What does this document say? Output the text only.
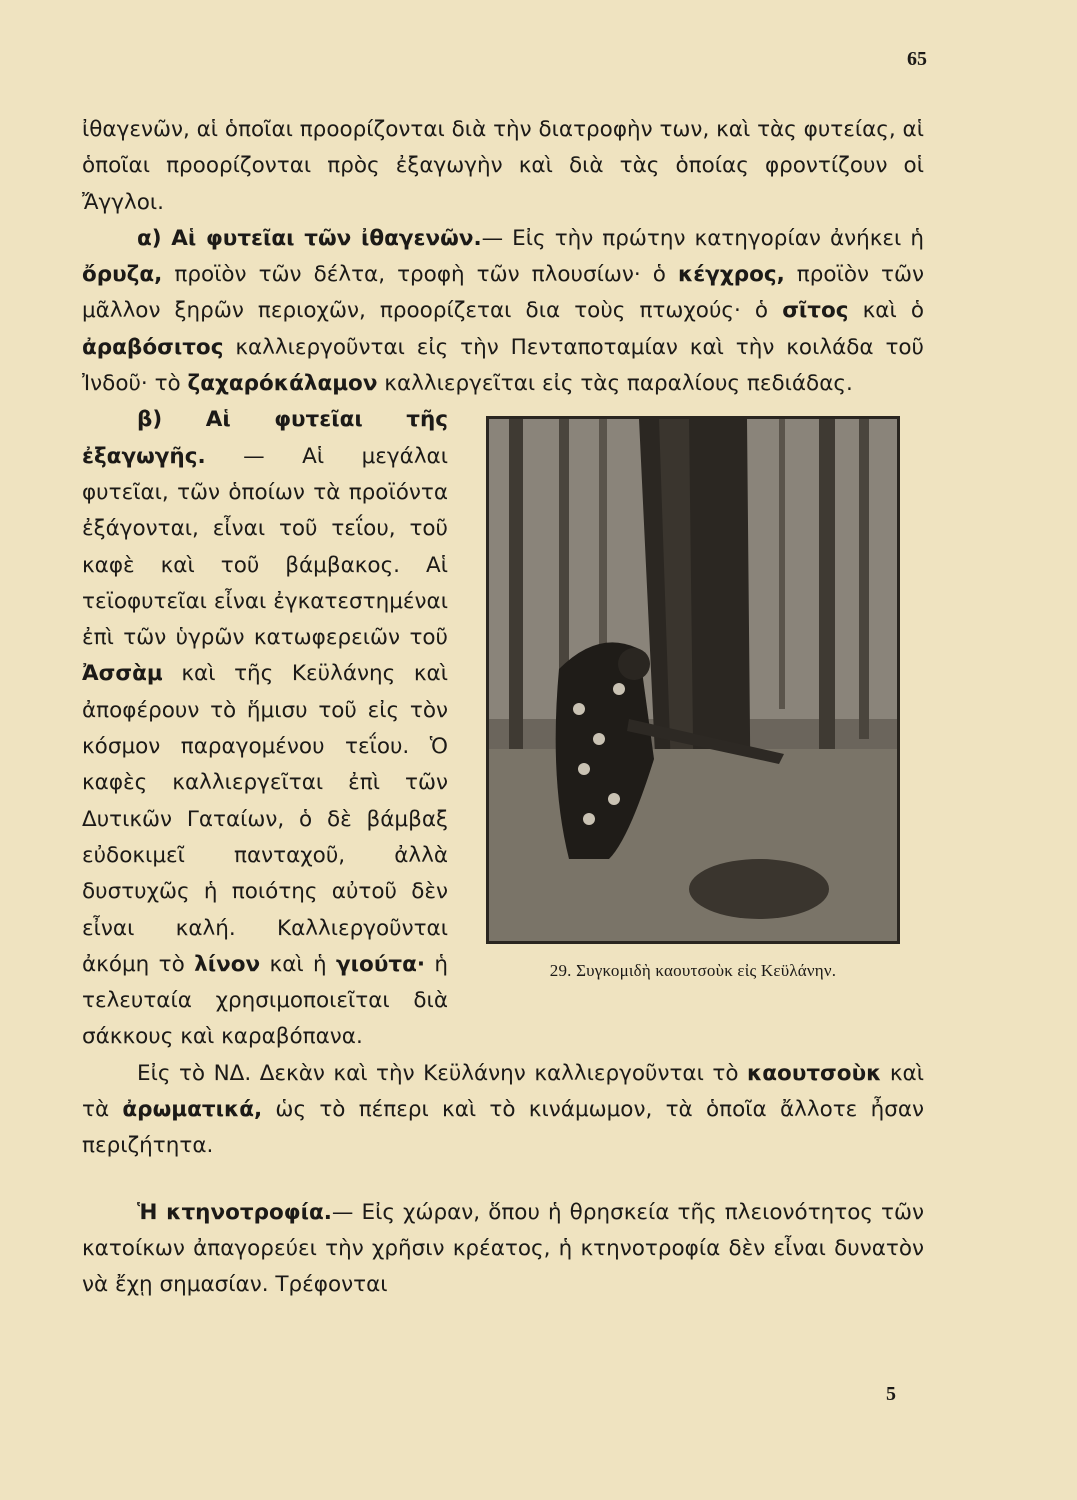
65

ἰθαγενῶν, αἱ ὁποῖαι προορίζονται διὰ τὴν διατροφὴν των, καὶ τὰς φυτείας, αἱ ὁποῖαι προορίζονται πρὸς ἐξαγωγὴν καὶ διὰ τὰς ὁποίας φροντίζουν οἱ Ἄγγλοι.

α) Αἱ φυτεῖαι τῶν ἰθαγενῶν.— Εἰς τὴν πρώτην κατηγορίαν ἀνήκει ἡ ὄρυζα, προϊὸν τῶν δέλτα, τροφὴ τῶν πλουσίων· ὁ κέγχρος, προϊὸν τῶν μᾶλλον ξηρῶν περιοχῶν, προορίζεται δια τοὺς πτωχούς· ὁ σῖτος καὶ ὁ ἀραβόσιτος καλλιεργοῦνται εἰς τὴν Πενταποταμίαν καὶ τὴν κοιλάδα τοῦ Ἰνδοῦ· τὸ ζαχαρόκάλαμον καλλιεργεῖται εἰς τὰς παραλίους πεδιάδας.

29. Συγκομιδὴ καουτσοὺκ εἰς Κεϋλάνην.

β) Αἱ φυτεῖαι τῆς ἐξαγωγῆς. — Αἱ μεγάλαι φυτεῖαι, τῶν ὁποίων τὰ προϊόντα ἐξάγονται, εἶναι τοῦ τεΐου, τοῦ καφὲ καὶ τοῦ βάμβακος. Αἱ τεϊοφυτεῖαι εἶναι ἐγκατεστημέναι ἐπὶ τῶν ὑγρῶν κατωφερειῶν τοῦ Ἀσσὰμ καὶ τῆς Κεϋλάνης καὶ ἀποφέρουν τὸ ἥμισυ τοῦ εἰς τὸν κόσμον παραγομένου τεΐου. Ὁ καφὲς καλλιεργεῖται ἐπὶ τῶν Δυτικῶν Γαταίων, ὁ δὲ βάμβαξ εὐδοκιμεῖ πανταχοῦ, ἀλλὰ δυστυχῶς ἡ ποιότης αὐτοῦ δὲν εἶναι καλή. Καλλιεργοῦνται ἀκόμη τὸ λίνον καὶ ἡ γιούτα· ἡ τελευταία χρησιμοποιεῖται διὰ σάκκους καὶ καραβόπανα.

Εἰς τὸ ΝΔ. Δεκὰν καὶ τὴν Κεϋλάνην καλλιεργοῦνται τὸ καουτσοὺκ καὶ τὰ ἀρωματικά, ὡς τὸ πέπερι καὶ τὸ κινάμωμον, τὰ ὁποῖα ἄλλοτε ἦσαν περιζήτητα.

Ἡ κτηνοτροφία.— Εἰς χώραν, ὅπου ἡ θρησκεία τῆς πλειονότητος τῶν κατοίκων ἀπαγορεύει τὴν χρῆσιν κρέατος, ἡ κτηνοτροφία δὲν εἶναι δυνατὸν νὰ ἔχῃ σημασίαν. Τρέφονται

5
